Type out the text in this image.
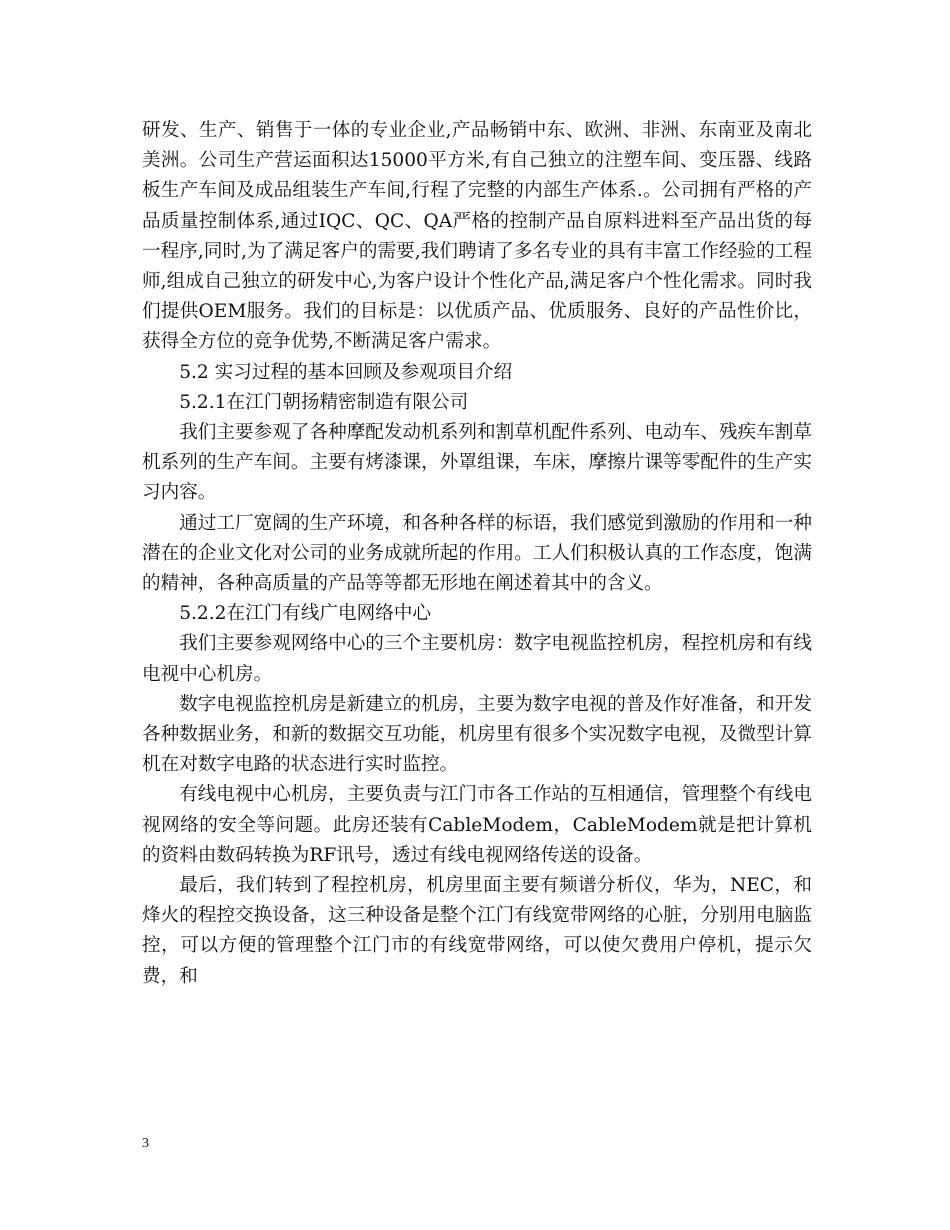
研发、生产、销售于一体的专业企业,产品畅销中东、欧洲、非洲、东南亚及南北美洲。公司生产营运面积达15000平方米,有自己独立的注塑车间、变压器、线路板生产车间及成品组装生产车间,行程了完整的内部生产体系.。公司拥有严格的产品质量控制体系,通过IQC、QC、QA严格的控制产品自原料进料至产品出货的每一程序,同时,为了满足客户的需要,我们聘请了多名专业的具有丰富工作经验的工程师,组成自己独立的研发中心,为客户设计个性化产品,满足客户个性化需求。同时我们提供OEM服务。我们的目标是：以优质产品、优质服务、良好的产品性价比，获得全方位的竞争优势,不断满足客户需求。

5.2 实习过程的基本回顾及参观项目介绍

5.2.1在江门朝扬精密制造有限公司

我们主要参观了各种摩配发动机系列和割草机配件系列、电动车、残疾车割草机系列的生产车间。主要有烤漆课，外罩组课，车床，摩擦片课等零配件的生产实习内容。

通过工厂宽阔的生产环境，和各种各样的标语，我们感觉到激励的作用和一种潜在的企业文化对公司的业务成就所起的作用。工人们积极认真的工作态度，饱满的精神，各种高质量的产品等等都无形地在阐述着其中的含义。

5.2.2在江门有线广电网络中心

我们主要参观网络中心的三个主要机房：数字电视监控机房，程控机房和有线电视中心机房。

数字电视监控机房是新建立的机房，主要为数字电视的普及作好准备，和开发各种数据业务，和新的数据交互功能，机房里有很多个实况数字电视，及微型计算机在对数字电路的状态进行实时监控。

有线电视中心机房，主要负责与江门市各工作站的互相通信，管理整个有线电视网络的安全等问题。此房还装有CableModem，CableModem就是把计算机的资料由数码转换为RF讯号，透过有线电视网络传送的设备。

最后，我们转到了程控机房，机房里面主要有频谱分析仪，华为，NEC，和烽火的程控交换设备，这三种设备是整个江门有线宽带网络的心脏，分别用电脑监控，可以方便的管理整个江门市的有线宽带网络，可以使欠费用户停机，提示欠费，和

3
